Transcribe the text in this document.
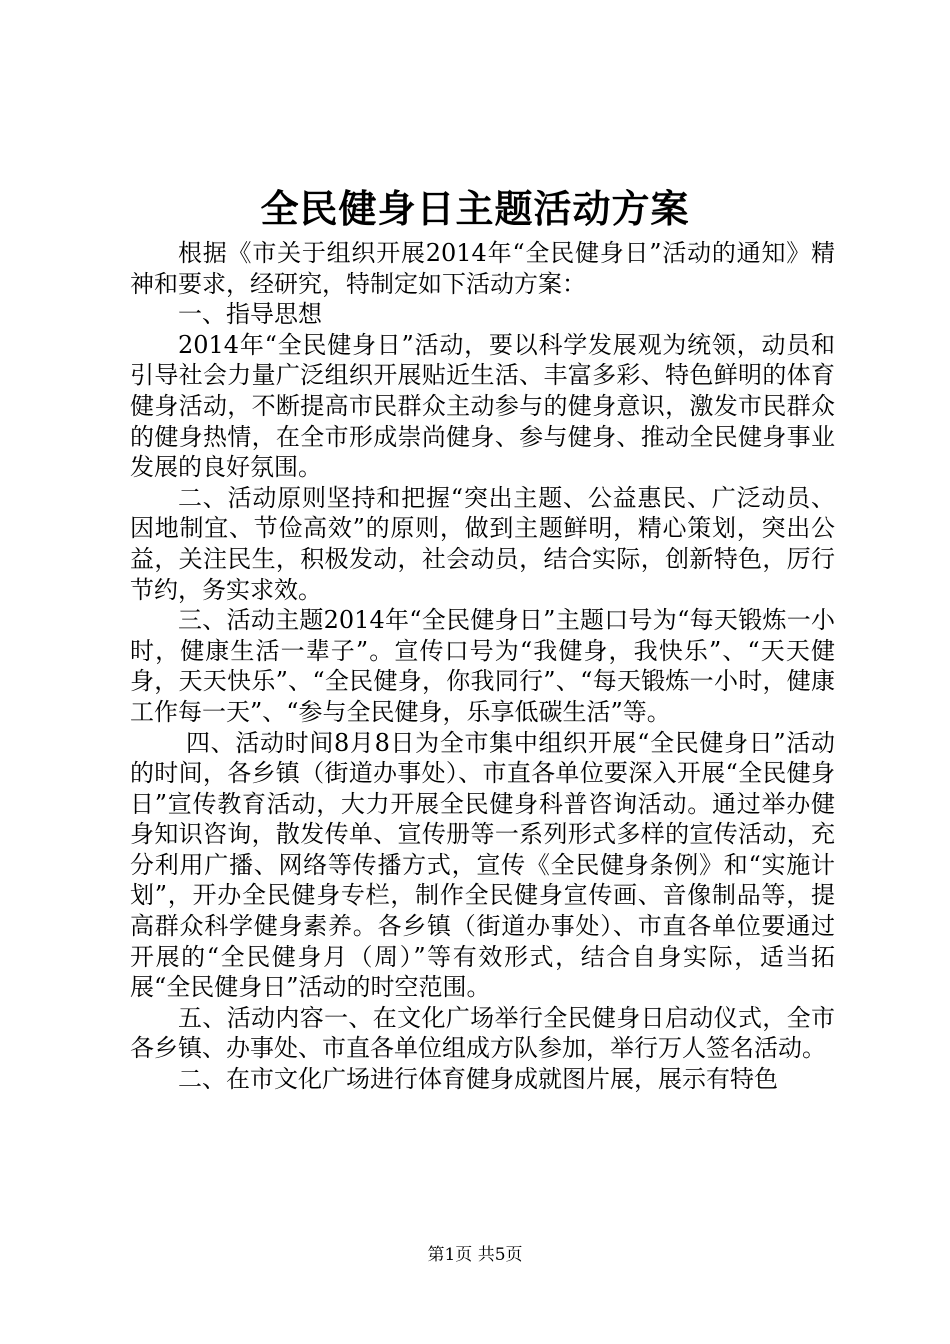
全民健身日主题活动方案

根据《市关于组织开展2014年“全民健身日”活动的通知》精神和要求，经研究，特制定如下活动方案：

一、指导思想

2014年“全民健身日”活动，要以科学发展观为统领，动员和引导社会力量广泛组织开展贴近生活、丰富多彩、特色鲜明的体育健身活动，不断提高市民群众主动参与的健身意识，激发市民群众的健身热情，在全市形成崇尚健身、参与健身、推动全民健身事业发展的良好氛围。

二、活动原则坚持和把握“突出主题、公益惠民、广泛动员、因地制宜、节俭高效”的原则，做到主题鲜明，精心策划，突出公益，关注民生，积极发动，社会动员，结合实际，创新特色，厉行节约，务实求效。

三、活动主题2014年“全民健身日”主题口号为“每天锻炼一小时，健康生活一辈子”。宣传口号为“我健身，我快乐”、“天天健身，天天快乐”、“全民健身，你我同行”、“每天锻炼一小时，健康工作每一天”、“参与全民健身，乐享低碳生活”等。

四、活动时间8月8日为全市集中组织开展“全民健身日”活动的时间，各乡镇（街道办事处）、市直各单位要深入开展“全民健身日”宣传教育活动，大力开展全民健身科普咨询活动。通过举办健身知识咨询，散发传单、宣传册等一系列形式多样的宣传活动，充分利用广播、网络等传播方式，宣传《全民健身条例》和“实施计划”，开办全民健身专栏，制作全民健身宣传画、音像制品等，提高群众科学健身素养。各乡镇（街道办事处）、市直各单位要通过开展的“全民健身月（周）”等有效形式，结合自身实际，适当拓展“全民健身日”活动的时空范围。

五、活动内容一、在文化广场举行全民健身日启动仪式，全市各乡镇、办事处、市直各单位组成方队参加，举行万人签名活动。

二、在市文化广场进行体育健身成就图片展，展示有特色

第1页 共5页
